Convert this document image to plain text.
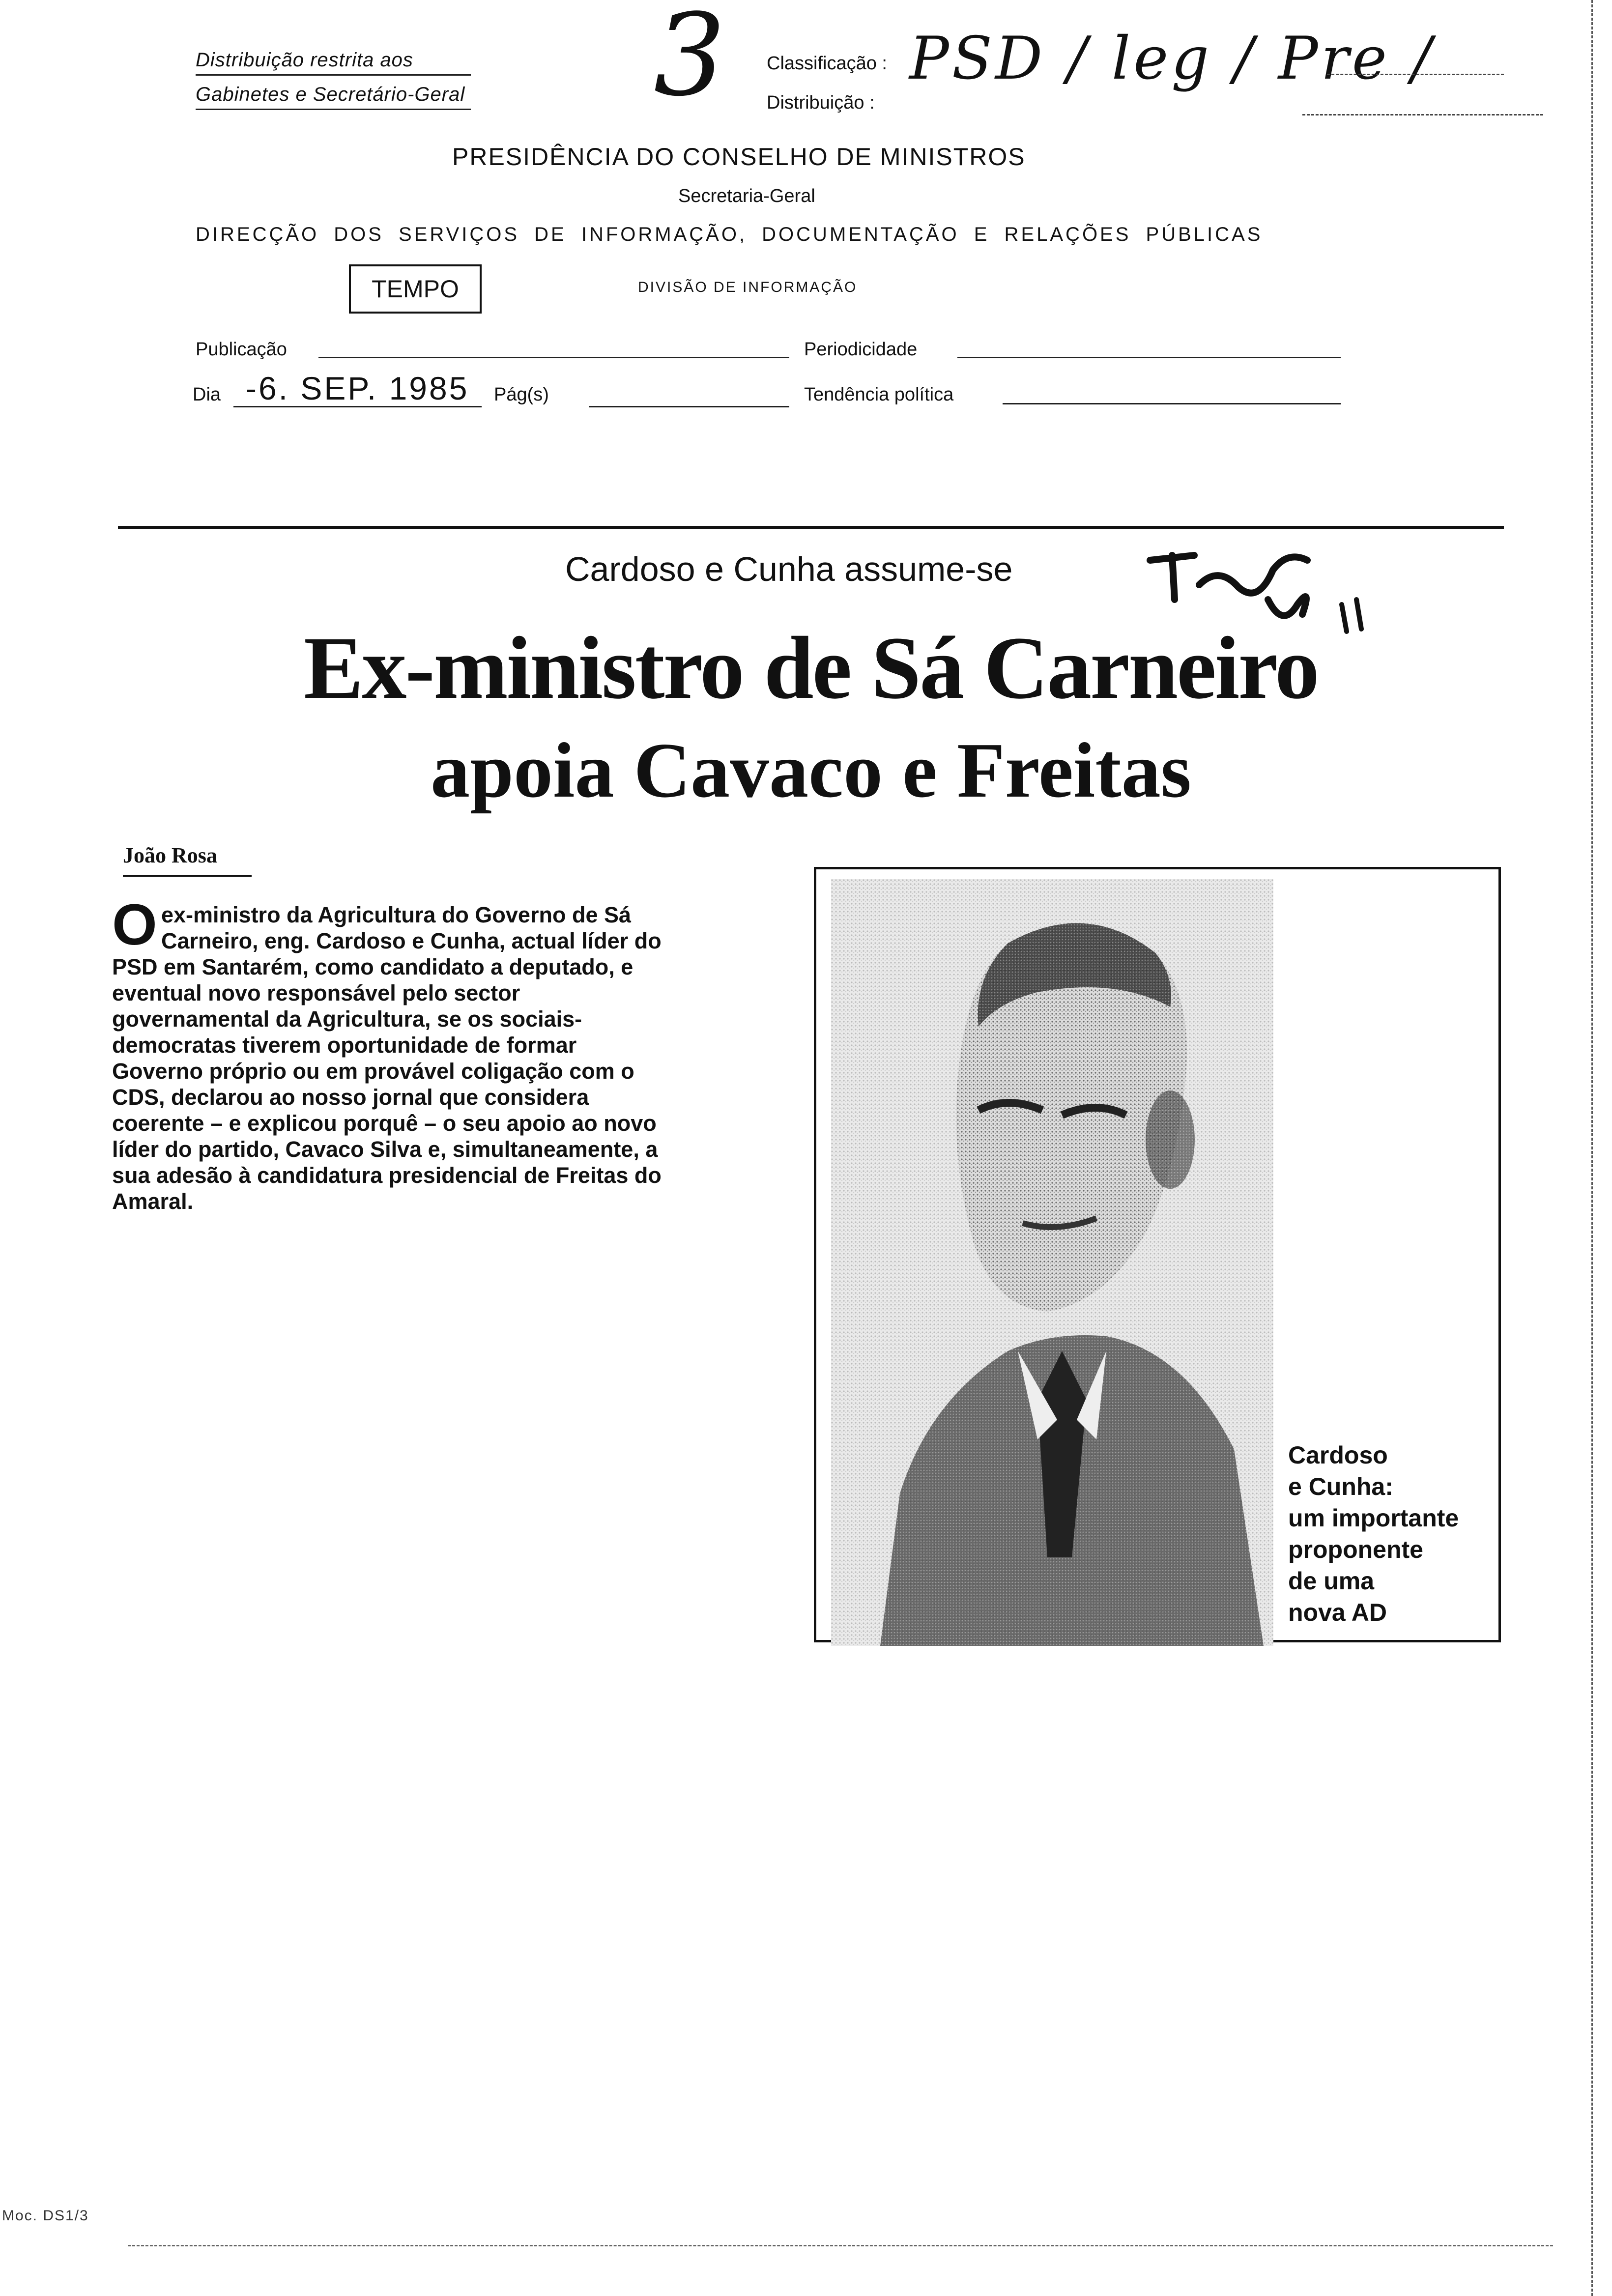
Distribuição restrita aos
Gabinetes e Secretário-Geral 3 Classificação : PSD / leg / Pre /
Distribuição :
PRESIDÊNCIA DO CONSELHO DE MINISTROS
Secretaria-Geral
DIRECÇÃO DOS SERVIÇOS DE INFORMAÇÃO, DOCUMENTAÇÃO E RELAÇÕES PÚBLICAS
TEMPO	DIVISÃO DE INFORMAÇÃO
Publicação	Periodicidade
Dia -6. SEP. 1985 Pág(s)	Tendência política
Cardoso e Cunha assume-se
Ex-ministro de Sá Carneiro
apoia Cavaco e Freitas
João Rosa
O ex-ministro da Agricultura do Governo de Sá
Carneiro, eng. Cardoso e Cunha, actual líder do
PSD em Santarém, como candidato a deputado, e
eventual novo responsável pelo sector
governamental da Agricultura, se os sociais-
democratas tiverem oportunidade de formar
Governo próprio ou em provável coligação com o
CDS, declarou ao nosso jornal que considera
coerente – e explicou porquê – o seu apoio ao novo
líder do partido, Cavaco Silva e, simultaneamente, a
sua adesão à candidatura presidencial de Freitas do
Amaral.
Cardoso
e Cunha:
um importante
proponente
de uma
nova AD
Moc. DS1/3
